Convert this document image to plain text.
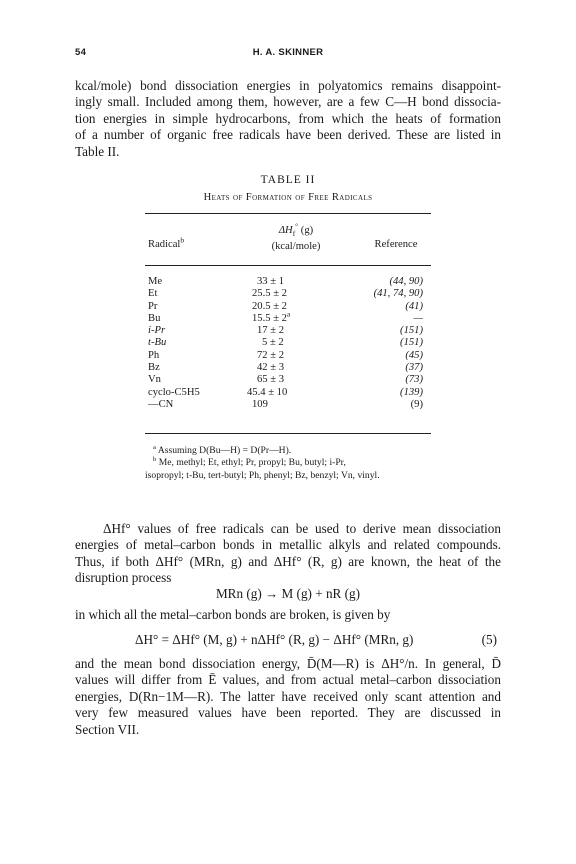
54	H. A. SKINNER

kcal/mole) bond dissociation energies in polyatomics remains disappoint-
ingly small. Included among them, however, are a few C—H bond dissocia-
tion energies in simple hydrocarbons, from which the heats of formation
of a number of organic free radicals have been derived. These are listed in
Table II.

TABLE II
Heats of Formation of Free Radicals
Radical$^b$
$\Delta H_f^\circ$ (g)
(kcal/mole)	Reference
Me	33 ± 1	(44, 90)
Et	25.5 ± 2	(41, 74, 90)
Pr	20.5 ± 2	(41)
Bu	$15.5 \pm 2^a$	—
i-Pr	17 ± 2	(151)
t-Bu	5 ± 2	(151)
Ph	72 ± 2	(45)
Bz	42 ± 3	(37)
Vn	65 ± 3	(73)
cyclo-C5H5	45.4 ± 10	(139)
—CN	109	(9)
$^a$ Assuming D(Bu—H) = D(Pr—H).
$^b$ Me, methyl; Et, ethyl; Pr, propyl; Bu, butyl; i-Pr,
isopropyl; t-Bu, tert-butyl; Ph, phenyl; Bz, benzyl; Vn, vinyl.

ΔHf° values of free radicals can be used to derive mean dissociation
energies of metal–carbon bonds in metallic alkyls and related compounds.
Thus, if both ΔHf° (MRn, g) and ΔHf° (R, g) are known, the heat of the
disruption process

MRn (g) → M (g) + nR (g)

in which all the metal–carbon bonds are broken, is given by

ΔH° = ΔHf° (M, g) + nΔHf° (R, g) − ΔHf° (MRn, g)	(5)

and the mean bond dissociation energy, D̄(M—R) is ΔH°/n. In general, D̄
values will differ from Ē values, and from actual metal–carbon dissociation
energies, D(Rn−1M—R). The latter have received only scant attention and
very few measured values have been reported. They are discussed in
Section VII.
